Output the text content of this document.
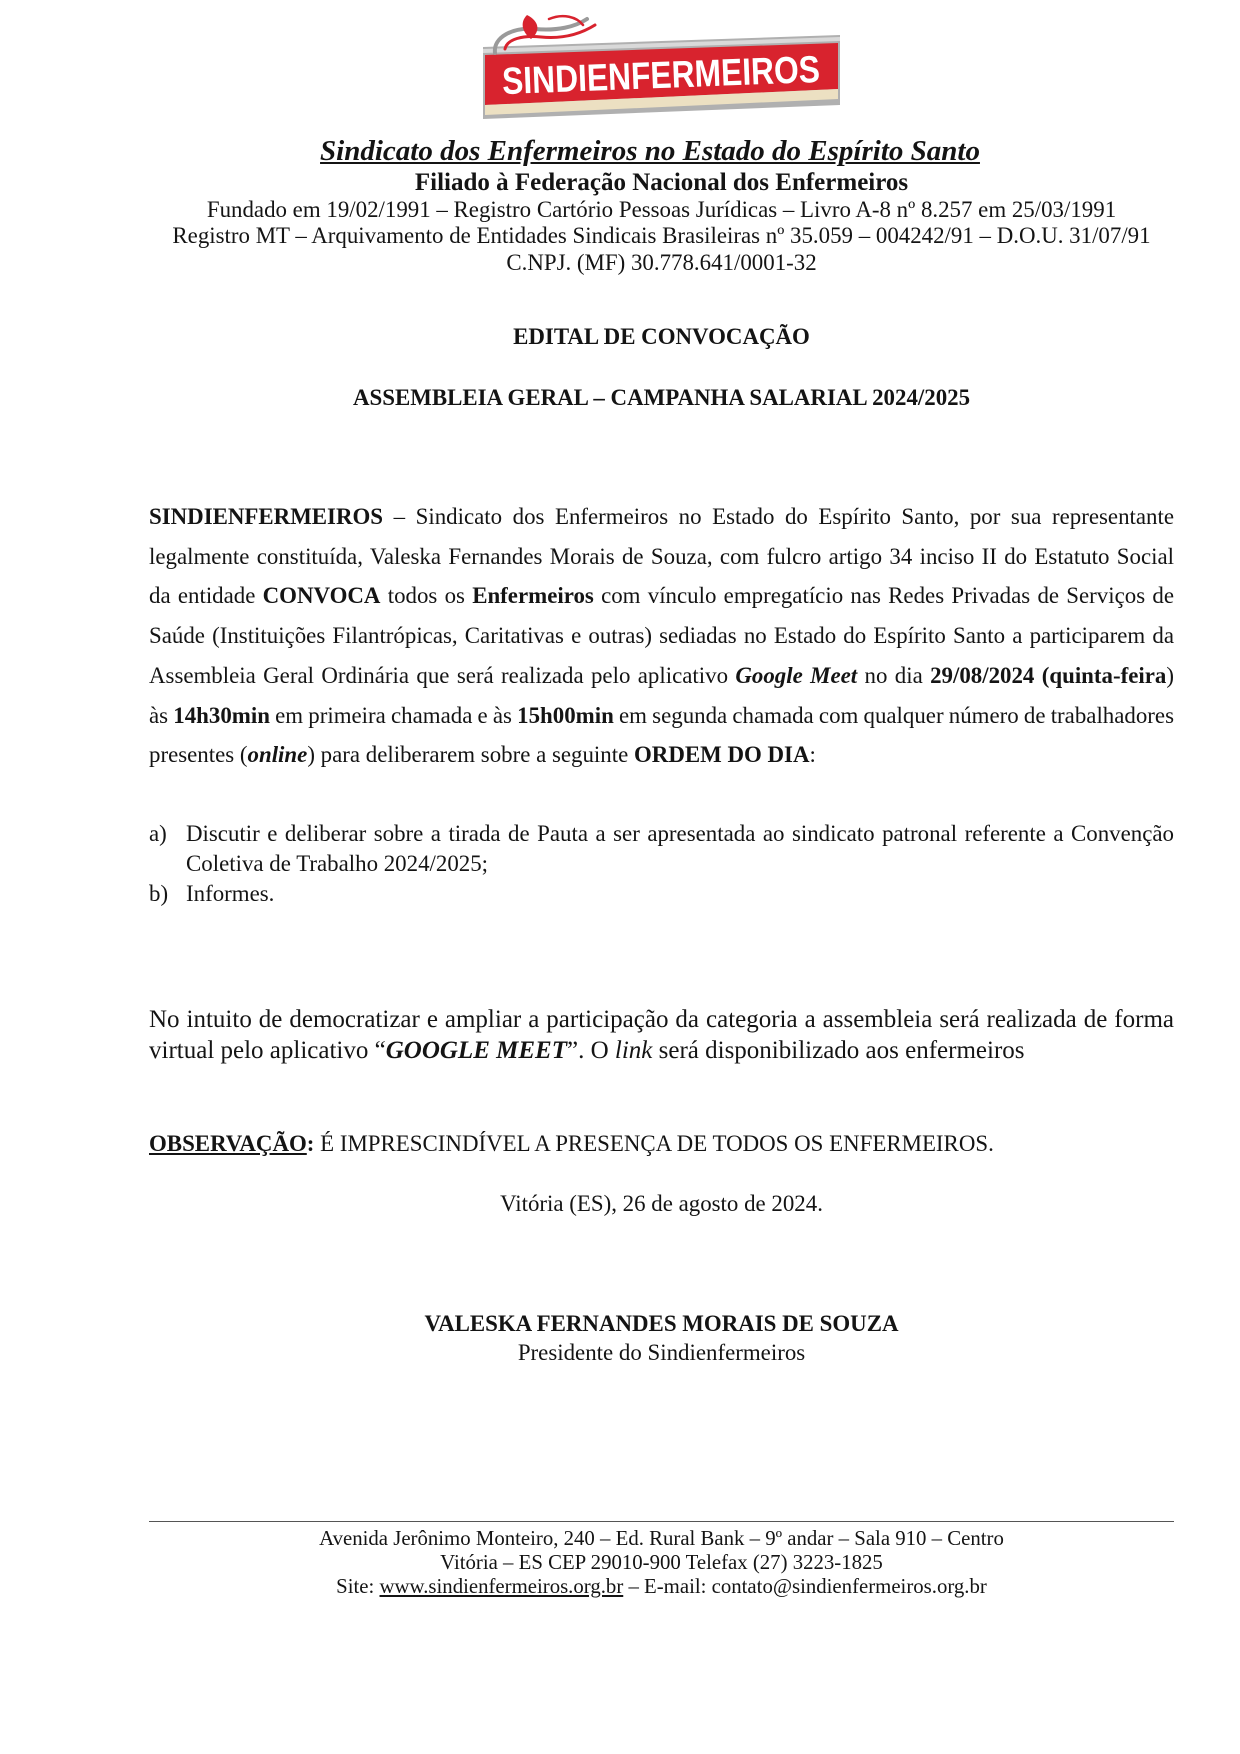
SINDIENFERMEIROS
Sindicato dos Enfermeiros no Estado do Espírito Santo
Filiado à Federação Nacional dos Enfermeiros
Fundado em 19/02/1991 – Registro Cartório Pessoas Jurídicas – Livro A-8 nº 8.257 em 25/03/1991
Registro MT – Arquivamento de Entidades Sindicais Brasileiras nº 35.059 – 004242/91 – D.O.U. 31/07/91
C.NPJ. (MF) 30.778.641/0001-32
EDITAL DE CONVOCAÇÃO
ASSEMBLEIA GERAL – CAMPANHA SALARIAL 2024/2025
SINDIENFERMEIROS – Sindicato dos Enfermeiros no Estado do Espírito Santo, por sua representante
legalmente constituída, Valeska Fernandes Morais de Souza, com fulcro artigo 34 inciso II do Estatuto Social
da entidade CONVOCA todos os Enfermeiros com vínculo empregatício nas Redes Privadas de Serviços de
Saúde (Instituições Filantrópicas, Caritativas e outras) sediadas no Estado do Espírito Santo a participarem da
Assembleia Geral Ordinária que será realizada pelo aplicativo Google Meet no dia 29/08/2024 (quinta-feira)
às 14h30min em primeira chamada e às 15h00min em segunda chamada com qualquer número de trabalhadores
presentes (online) para deliberarem sobre a seguinte ORDEM DO DIA:
a) Discutir e deliberar sobre a tirada de Pauta a ser apresentada ao sindicato patronal referente a Convenção
Coletiva de Trabalho 2024/2025;
b) Informes.
No intuito de democratizar e ampliar a participação da categoria a assembleia será realizada de forma
virtual pelo aplicativo “GOOGLE MEET”. O link será disponibilizado aos enfermeiros
OBSERVAÇÃO: É IMPRESCINDÍVEL A PRESENÇA DE TODOS OS ENFERMEIROS.
Vitória (ES), 26 de agosto de 2024.
VALESKA FERNANDES MORAIS DE SOUZA
Presidente do Sindienfermeiros
Avenida Jerônimo Monteiro, 240 – Ed. Rural Bank – 9º andar – Sala 910 – Centro
Vitória – ES CEP 29010-900 Telefax (27) 3223-1825
Site: www.sindienfermeiros.org.br – E-mail: contato@sindienfermeiros.org.br
